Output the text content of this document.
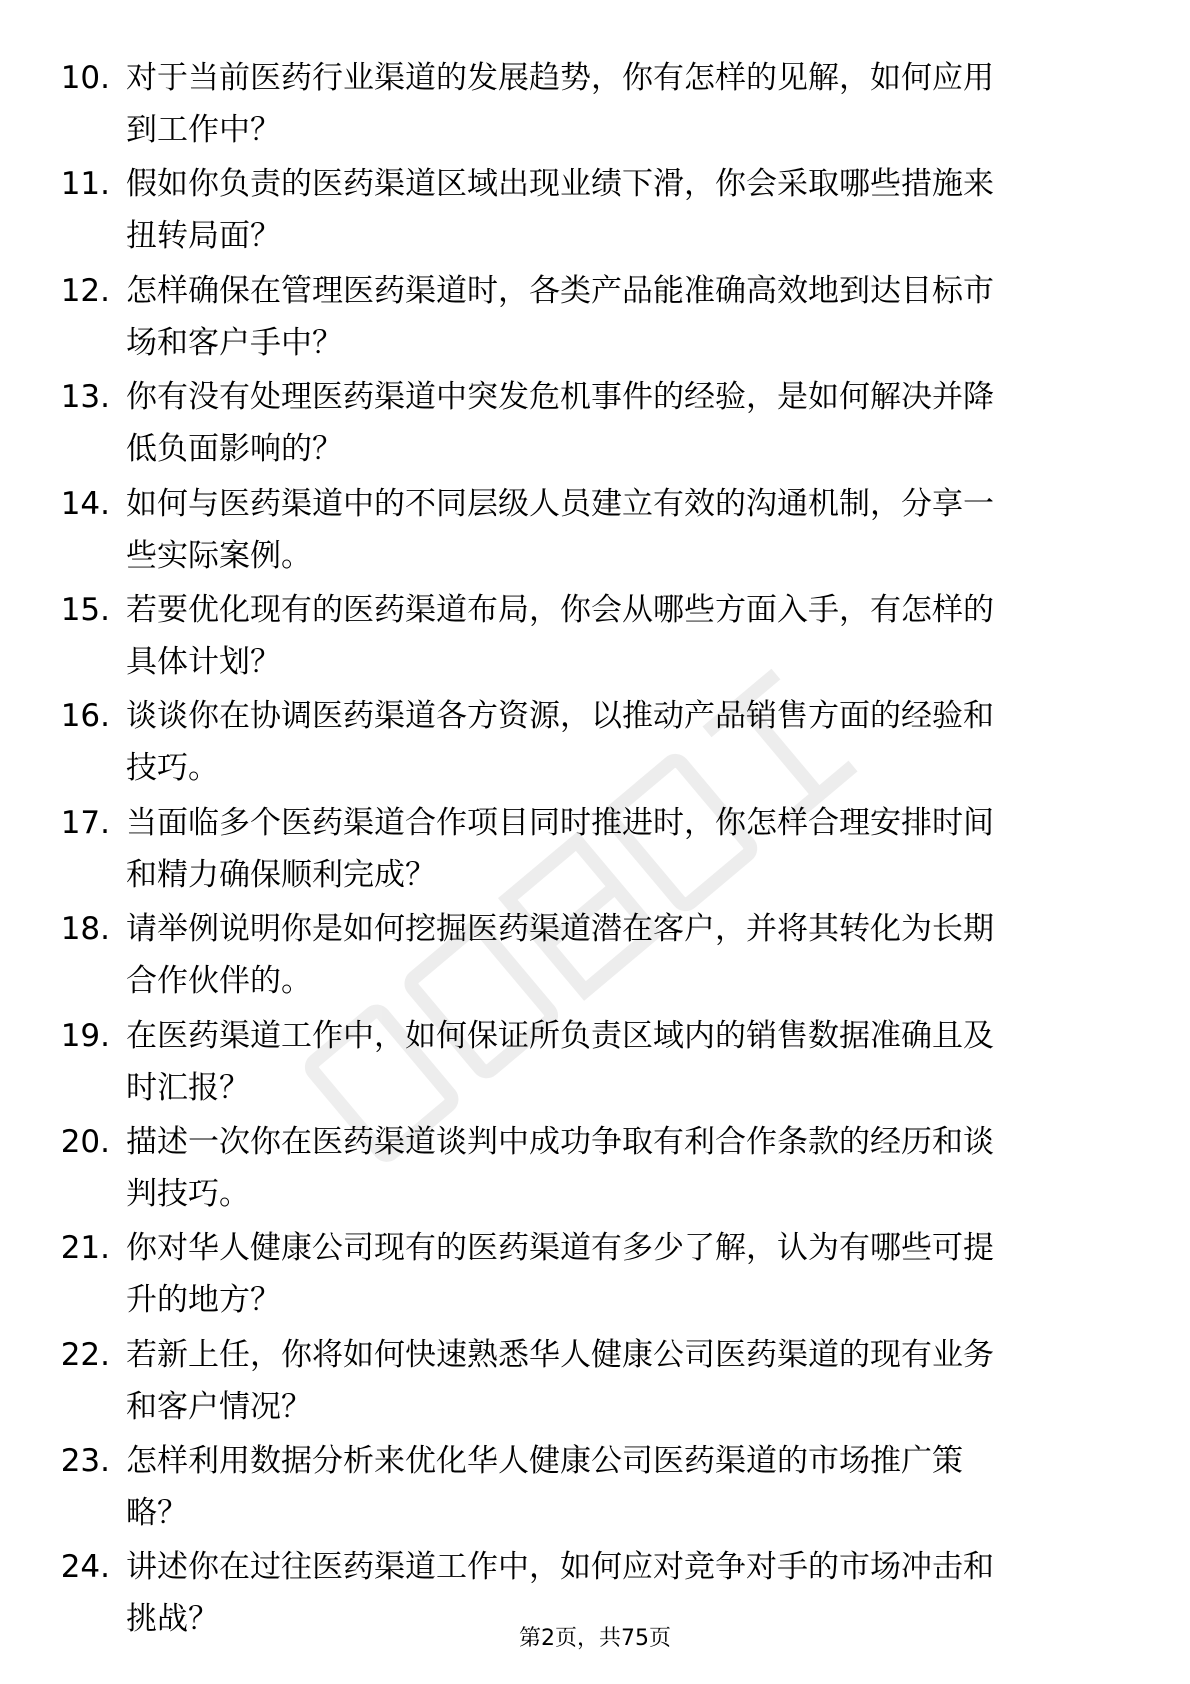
10. 对于当前医药行业渠道的发展趋势，你有怎样的见解，如何应用
到工作中？
11. 假如你负责的医药渠道区域出现业绩下滑，你会采取哪些措施来
扭转局面？
12. 怎样确保在管理医药渠道时，各类产品能准确高效地到达目标市
场和客户手中？
13. 你有没有处理医药渠道中突发危机事件的经验，是如何解决并降
低负面影响的？
14. 如何与医药渠道中的不同层级人员建立有效的沟通机制，分享一
些实际案例。
15. 若要优化现有的医药渠道布局，你会从哪些方面入手，有怎样的
具体计划？
16. 谈谈你在协调医药渠道各方资源，以推动产品销售方面的经验和
技巧。
17. 当面临多个医药渠道合作项目同时推进时，你怎样合理安排时间
和精力确保顺利完成？
18. 请举例说明你是如何挖掘医药渠道潜在客户，并将其转化为长期
合作伙伴的。
19. 在医药渠道工作中，如何保证所负责区域内的销售数据准确且及
时汇报？
20. 描述一次你在医药渠道谈判中成功争取有利合作条款的经历和谈
判技巧。
21. 你对华人健康公司现有的医药渠道有多少了解，认为有哪些可提
升的地方？
22. 若新上任，你将如何快速熟悉华人健康公司医药渠道的现有业务
和客户情况？
23. 怎样利用数据分析来优化华人健康公司医药渠道的市场推广策
略？
24. 讲述你在过往医药渠道工作中，如何应对竞争对手的市场冲击和
挑战？
第2页，共75页
